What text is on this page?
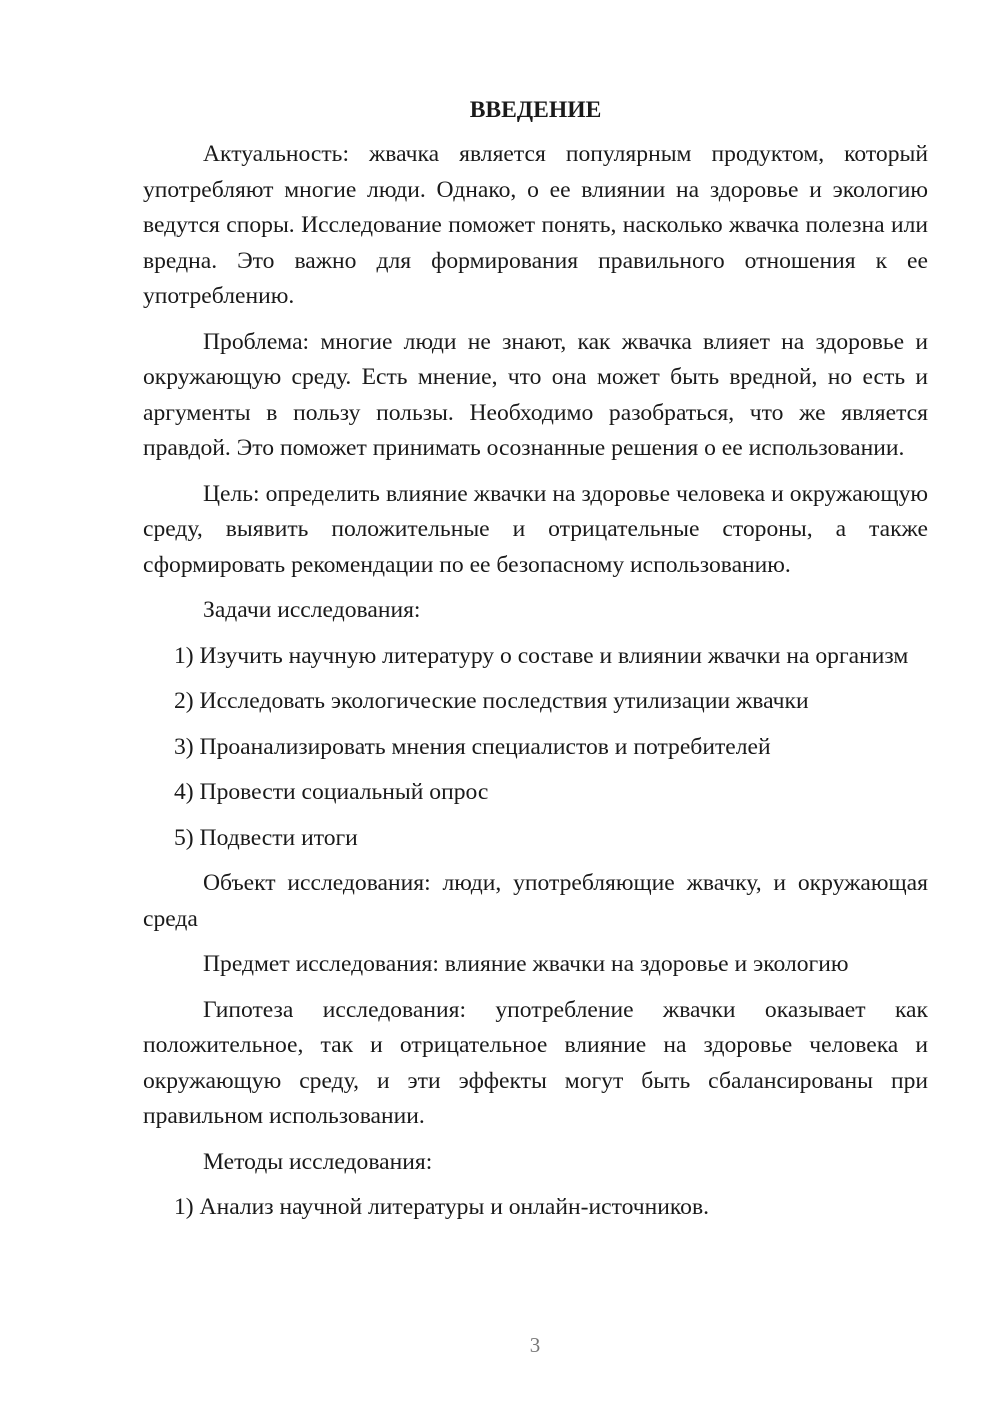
ВВЕДЕНИЕ
Актуальность: жвачка является популярным продуктом, который употребляют многие люди. Однако, о ее влиянии на здоровье и экологию ведутся споры. Исследование поможет понять, насколько жвачка полезна или вредна. Это важно для формирования правильного отношения к ее употреблению.
Проблема: многие люди не знают, как жвачка влияет на здоровье и окружающую среду. Есть мнение, что она может быть вредной, но есть и аргументы в пользу пользы. Необходимо разобраться, что же является правдой. Это поможет принимать осознанные решения о ее использовании.
Цель: определить влияние жвачки на здоровье человека и окружающую среду, выявить положительные и отрицательные стороны, а также сформировать рекомендации по ее безопасному использованию.
Задачи исследования:
1) Изучить научную литературу о составе и влиянии жвачки на организм
2) Исследовать экологические последствия утилизации жвачки
3) Проанализировать мнения специалистов и потребителей
4) Провести социальный опрос
5) Подвести итоги
Объект исследования: люди, употребляющие жвачку, и окружающая среда
Предмет исследования: влияние жвачки на здоровье и экологию
Гипотеза исследования: употребление жвачки оказывает как положительное, так и отрицательное влияние на здоровье человека и окружающую среду, и эти эффекты могут быть сбалансированы при правильном использовании.
Методы исследования:
1) Анализ научной литературы и онлайн-источников.
3
